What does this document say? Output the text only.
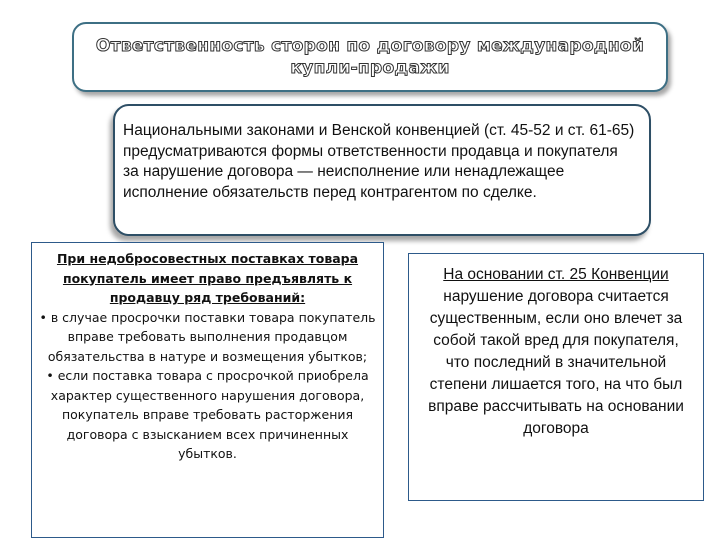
Ответственность сторон по договору международной купли-продажи
Национальными законами и Венской конвенцией (ст. 45-52 и ст. 61-65) предусматриваются формы ответственности продавца и покупателя за нарушение договора — неисполнение или ненадлежащее исполнение обязательств перед контрагентом по сделке.
При недобросовестных поставках товара покупатель имеет право предъявлять к продавцу ряд требований:
• в случае просрочки поставки товара покупатель вправе требовать выполнения продавцом обязательства в натуре и возмещения убытков;
• если поставка товара с просрочкой приобрела характер существенного нарушения договора, покупатель вправе требовать расторжения договора с взысканием всех причиненных убытков.
На основании ст. 25 Конвенции нарушение договора считается существенным, если оно влечет за собой такой вред для покупателя, что последний в значительной степени лишается того, на что был вправе рассчитывать на основании договора
